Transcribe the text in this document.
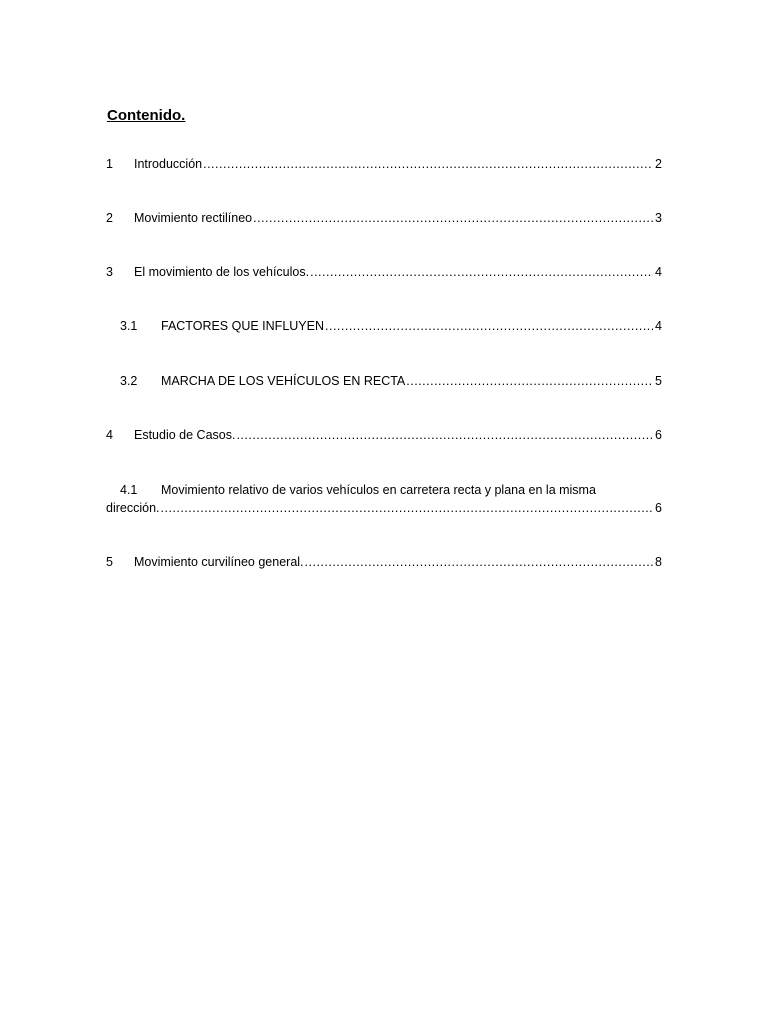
Contenido.
1	Introducción .....	2
2	Movimiento rectilíneo .....	3
3	El movimiento de los vehículos. .....	4
3.1	FACTORES QUE INFLUYEN .....	4
3.2	MARCHA DE LOS VEHÍCULOS EN RECTA .....	5
4	Estudio de Casos. .....	6
4.1	Movimiento relativo de varios vehículos en carretera recta y plana en la misma
dirección. .....	6
5	Movimiento curvilíneo general. .....	8
